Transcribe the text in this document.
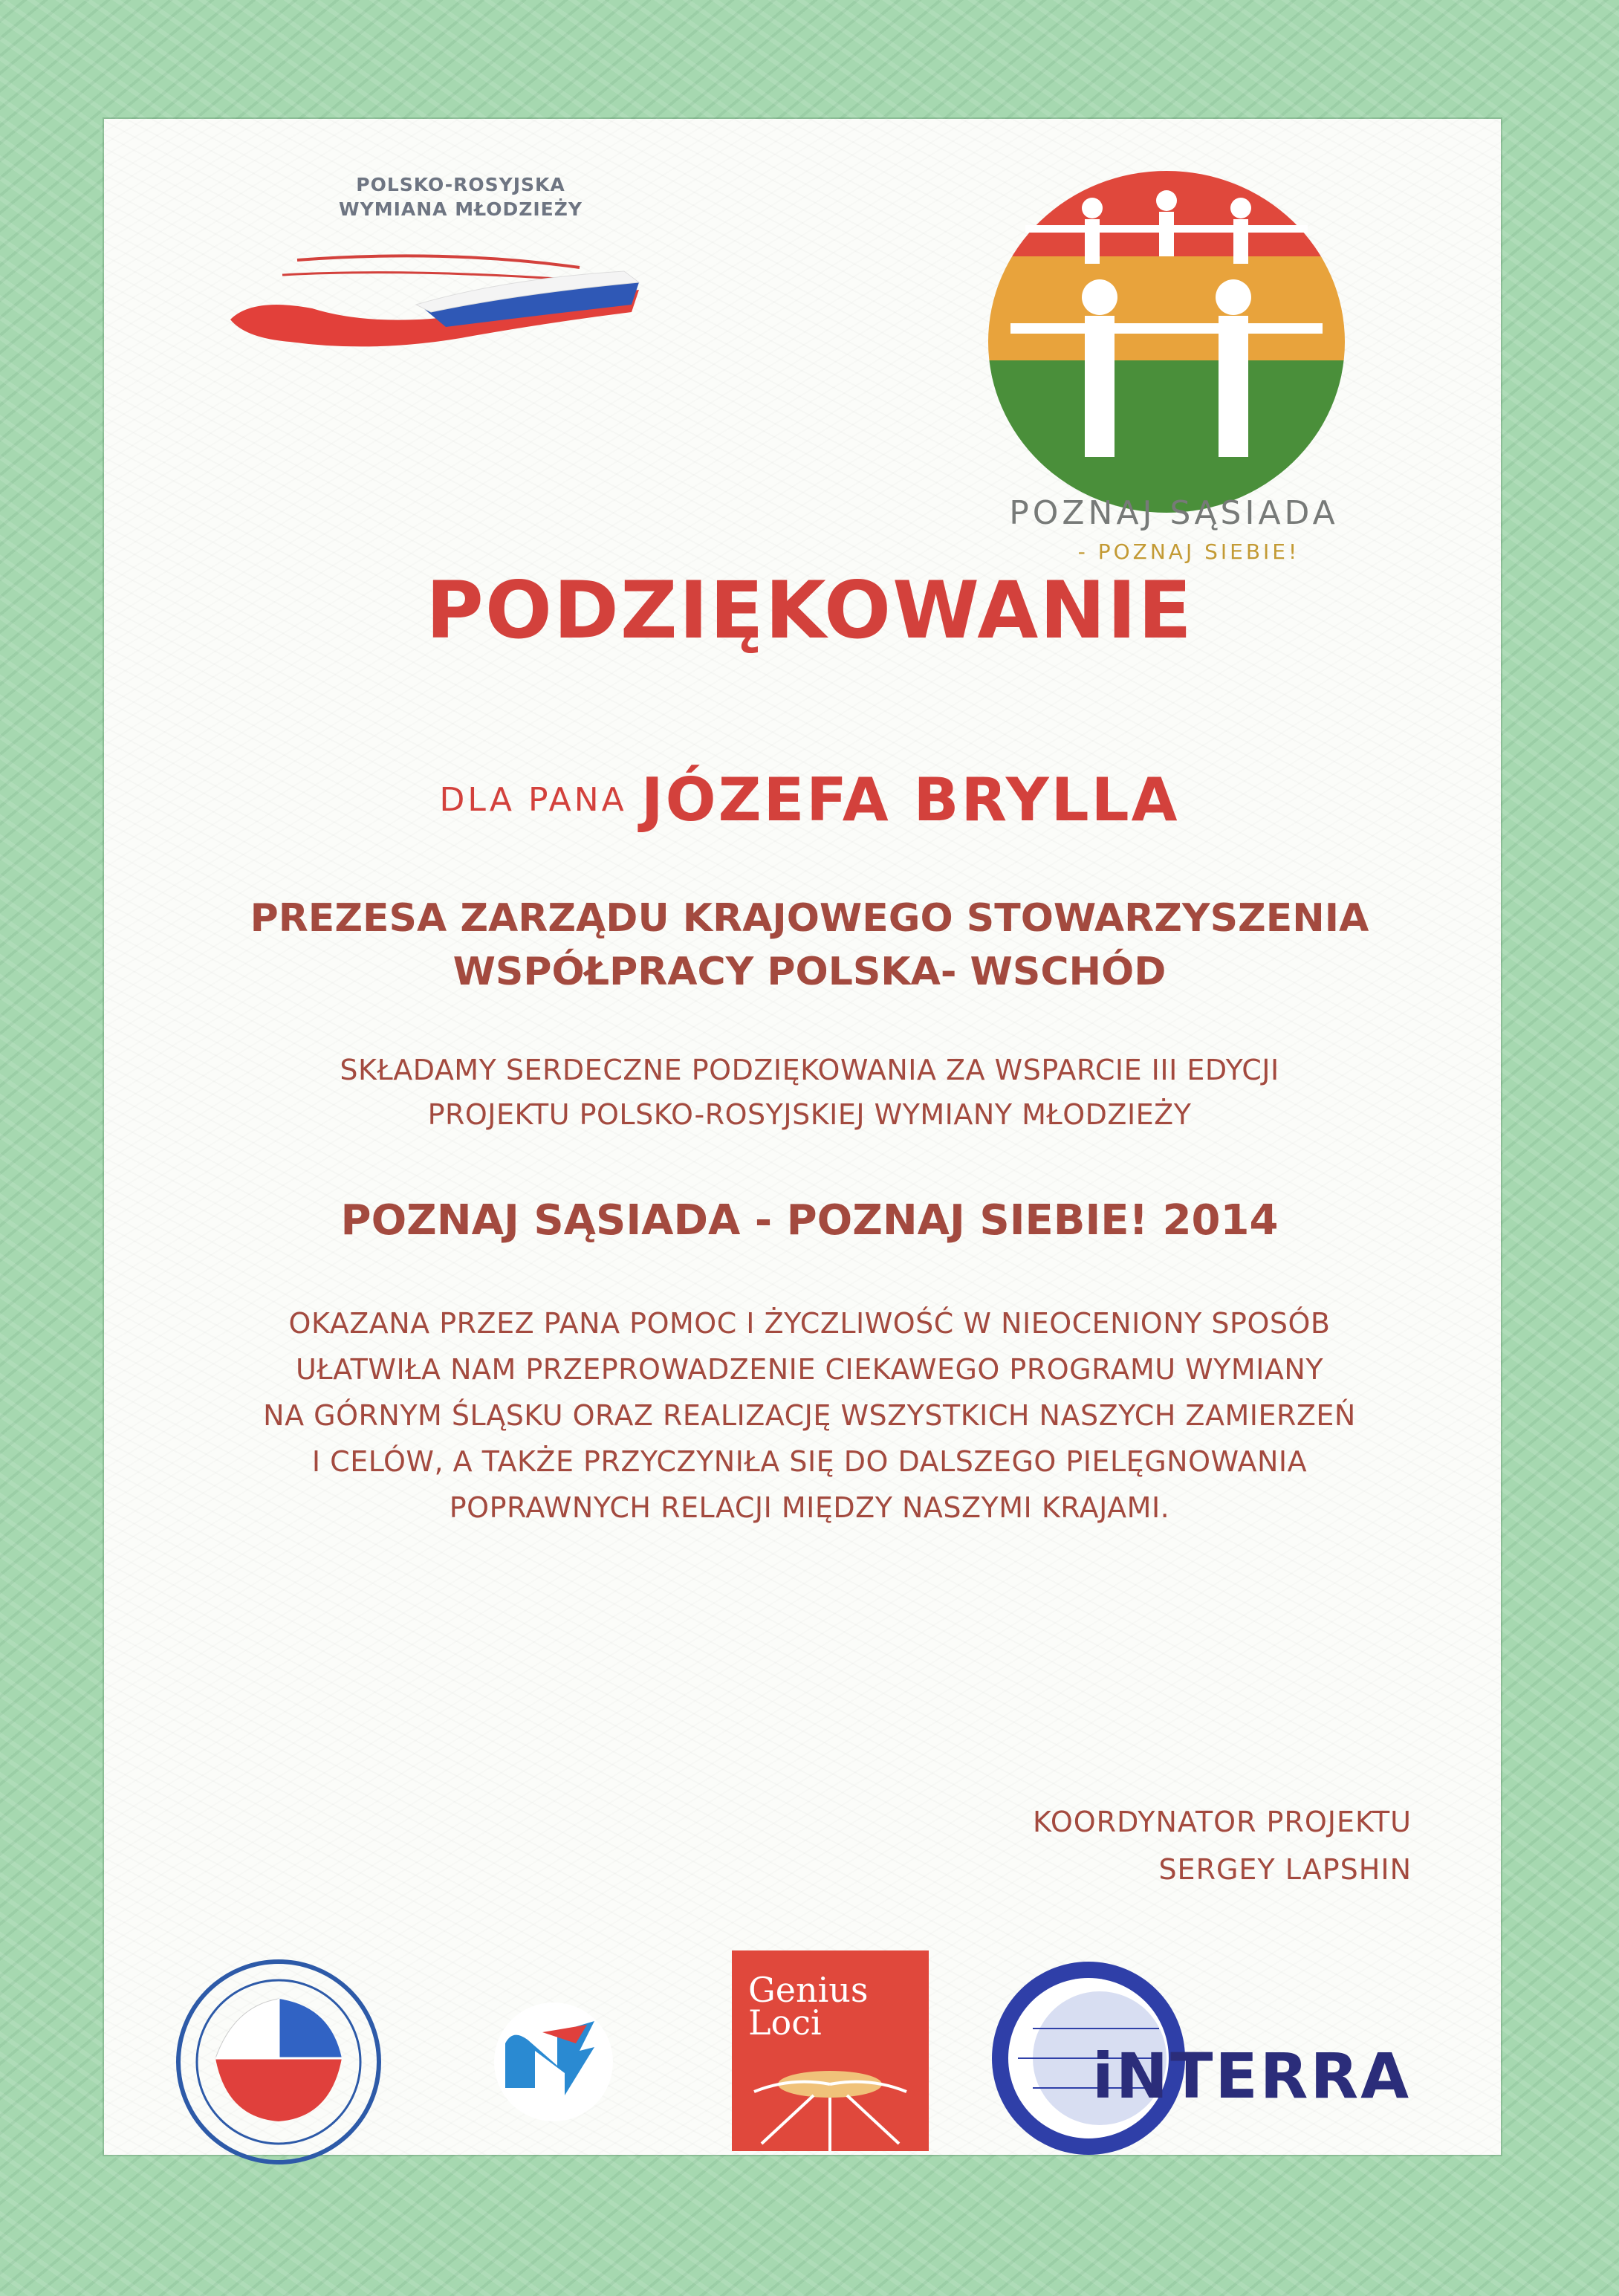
POLSKO-ROSYJSKA
WYMIANA MŁODZIEŻY
POZNAJ SĄSIADA
- POZNAJ SIEBIE!
PODZIĘKOWANIE
DLA PANA JÓZEFA BRYLLA
PREZESA ZARZĄDU KRAJOWEGO STOWARZYSZENIA
WSPÓŁPRACY POLSKA- WSCHÓD
SKŁADAMY SERDECZNE PODZIĘKOWANIA ZA WSPARCIE III EDYCJI
PROJEKTU POLSKO-ROSYJSKIEJ WYMIANY MŁODZIEŻY
POZNAJ SĄSIADA - POZNAJ SIEBIE! 2014
OKAZANA PRZEZ PANA POMOC I ŻYCZLIWOŚĆ W NIEOCENIONY SPOSÓB
UŁATWIŁA NAM PRZEPROWADZENIE CIEKAWEGO PROGRAMU WYMIANY
NA GÓRNYM ŚLĄSKU ORAZ REALIZACJĘ WSZYSTKICH NASZYCH ZAMIERZEŃ
I CELÓW, A TAKŻE PRZYCZYNIŁA SIĘ DO DALSZEGO PIELĘGNOWANIA
POPRAWNYCH RELACJI MIĘDZY NASZYMI KRAJAMI.
KOORDYNATOR PROJEKTU
SERGEY LAPSHIN
Genius
Loci
iNTERRA
